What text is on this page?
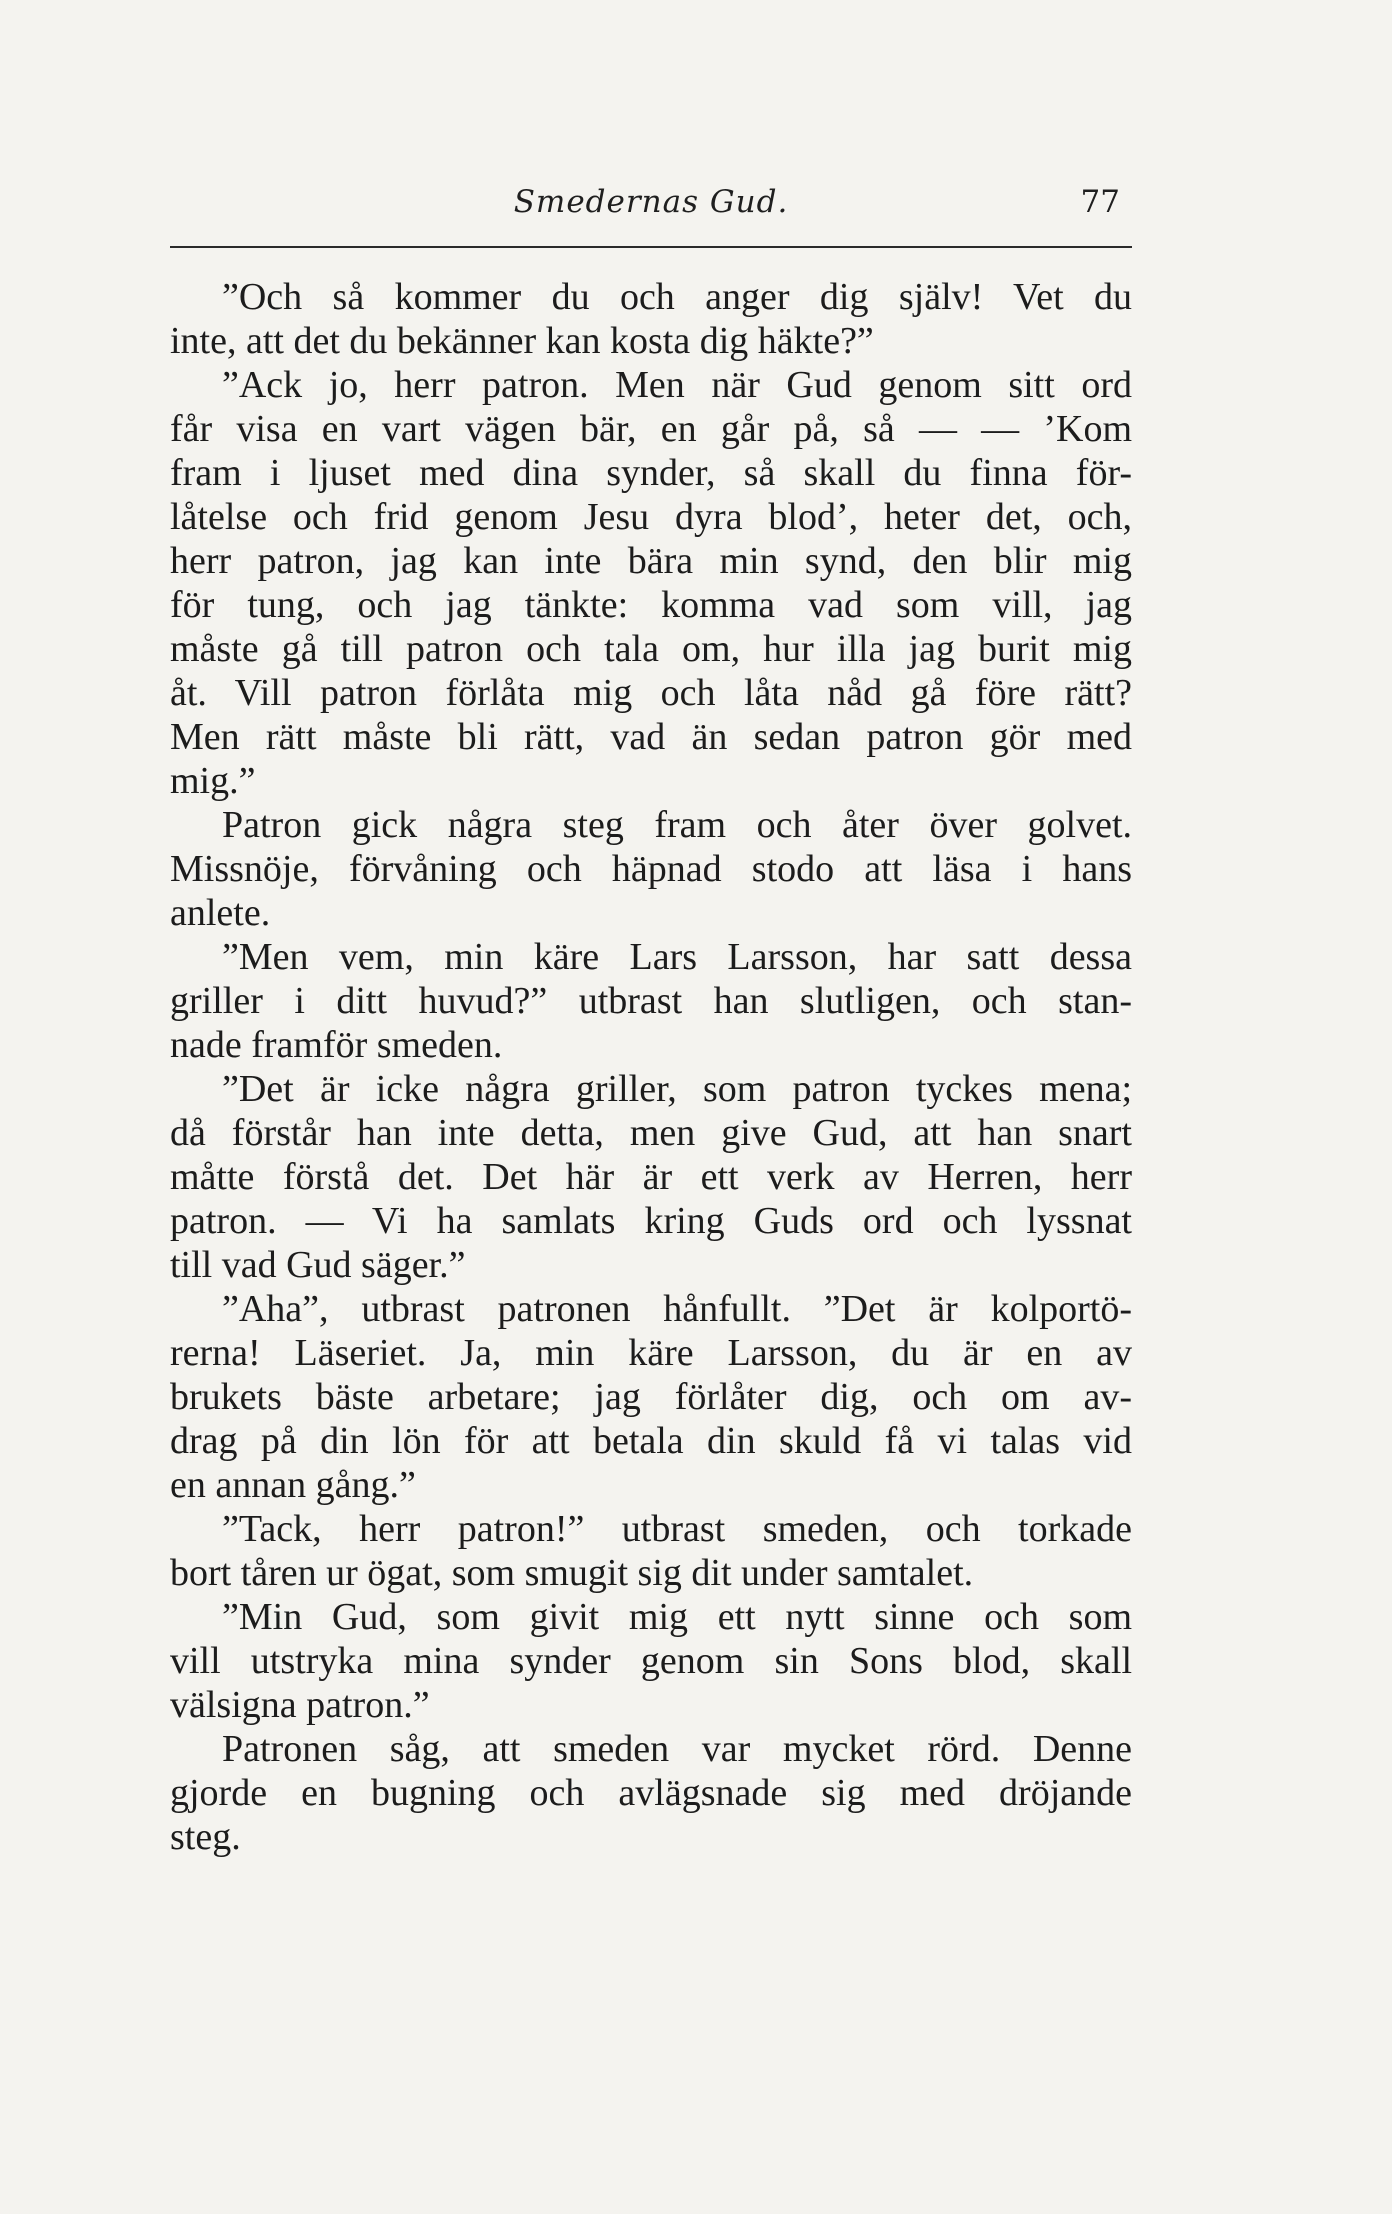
Smedernas Gud.	77
”Och så kommer du och anger dig själv! Vet du
inte, att det du bekänner kan kosta dig häkte?”
”Ack jo, herr patron. Men när Gud genom sitt ord
får visa en vart vägen bär, en går på, så — — ’Kom
fram i ljuset med dina synder, så skall du finna för-
låtelse och frid genom Jesu dyra blod’, heter det, och,
herr patron, jag kan inte bära min synd, den blir mig
för tung, och jag tänkte: komma vad som vill, jag
måste gå till patron och tala om, hur illa jag burit mig
åt. Vill patron förlåta mig och låta nåd gå före rätt?
Men rätt måste bli rätt, vad än sedan patron gör med
mig.”
Patron gick några steg fram och åter över golvet.
Missnöje, förvåning och häpnad stodo att läsa i hans
anlete.
”Men vem, min käre Lars Larsson, har satt dessa
griller i ditt huvud?” utbrast han slutligen, och stan-
nade framför smeden.
”Det är icke några griller, som patron tyckes mena;
då förstår han inte detta, men give Gud, att han snart
måtte förstå det. Det här är ett verk av Herren, herr
patron. — Vi ha samlats kring Guds ord och lyssnat
till vad Gud säger.”
”Aha”, utbrast patronen hånfullt. ”Det är kolportö-
rerna! Läseriet. Ja, min käre Larsson, du är en av
brukets bäste arbetare; jag förlåter dig, och om av-
drag på din lön för att betala din skuld få vi talas vid
en annan gång.”
”Tack, herr patron!” utbrast smeden, och torkade
bort tåren ur ögat, som smugit sig dit under samtalet.
”Min Gud, som givit mig ett nytt sinne och som
vill utstryka mina synder genom sin Sons blod, skall
välsigna patron.”
Patronen såg, att smeden var mycket rörd. Denne
gjorde en bugning och avlägsnade sig med dröjande
steg.
